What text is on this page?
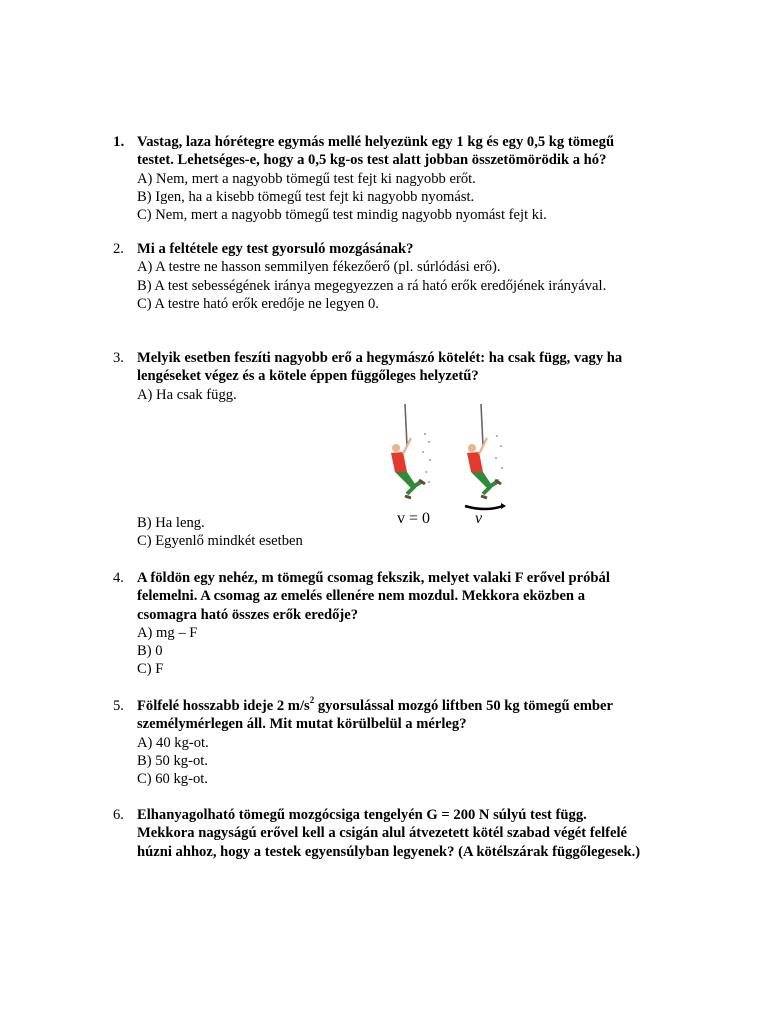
1. Vastag, laza hórétegre egymás mellé helyezünk egy 1 kg és egy 0,5 kg tömegű
testet. Lehetséges-e, hogy a 0,5 kg-os test alatt jobban összetömörödik a hó?
A) Nem, mert a nagyobb tömegű test fejt ki nagyobb erőt.
B) Igen, ha a kisebb tömegű test fejt ki nagyobb nyomást.
C) Nem, mert a nagyobb tömegű test mindig nagyobb nyomást fejt ki.
2. Mi a feltétele egy test gyorsuló mozgásának?
A) A testre ne hasson semmilyen fékezőerő (pl. súrlódási erő).
B) A test sebességének iránya megegyezzen a rá ható erők eredőjének irányával.
C) A testre ható erők eredője ne legyen 0.
3. Melyik esetben feszíti nagyobb erő a hegymászó kötelét: ha csak függ, vagy ha
lengéseket végez és a kötele éppen függőleges helyzetű?
A) Ha csak függ.
B) Ha leng.
C) Egyenlő mindkét esetben
v = 0	v
4. A földön egy nehéz, m tömegű csomag fekszik, melyet valaki F erővel próbál
felemelni. A csomag az emelés ellenére nem mozdul. Mekkora eközben a
csomagra ható összes erők eredője?
A) mg – F
B) 0
C) F
5. Fölfelé hosszabb ideje 2 $m/s^2$ gyorsulással mozgó liftben 50 kg tömegű ember
személymérlegen áll. Mit mutat körülbelül a mérleg?
A) 40 kg-ot.
B) 50 kg-ot.
C) 60 kg-ot.
6. Elhanyagolható tömegű mozgócsiga tengelyén G = 200 N súlyú test függ.
Mekkora nagyságú erővel kell a csigán alul átvezetett kötél szabad végét felfelé
húzni ahhoz, hogy a testek egyensúlyban legyenek? (A kötélszárak függőlegesek.)
